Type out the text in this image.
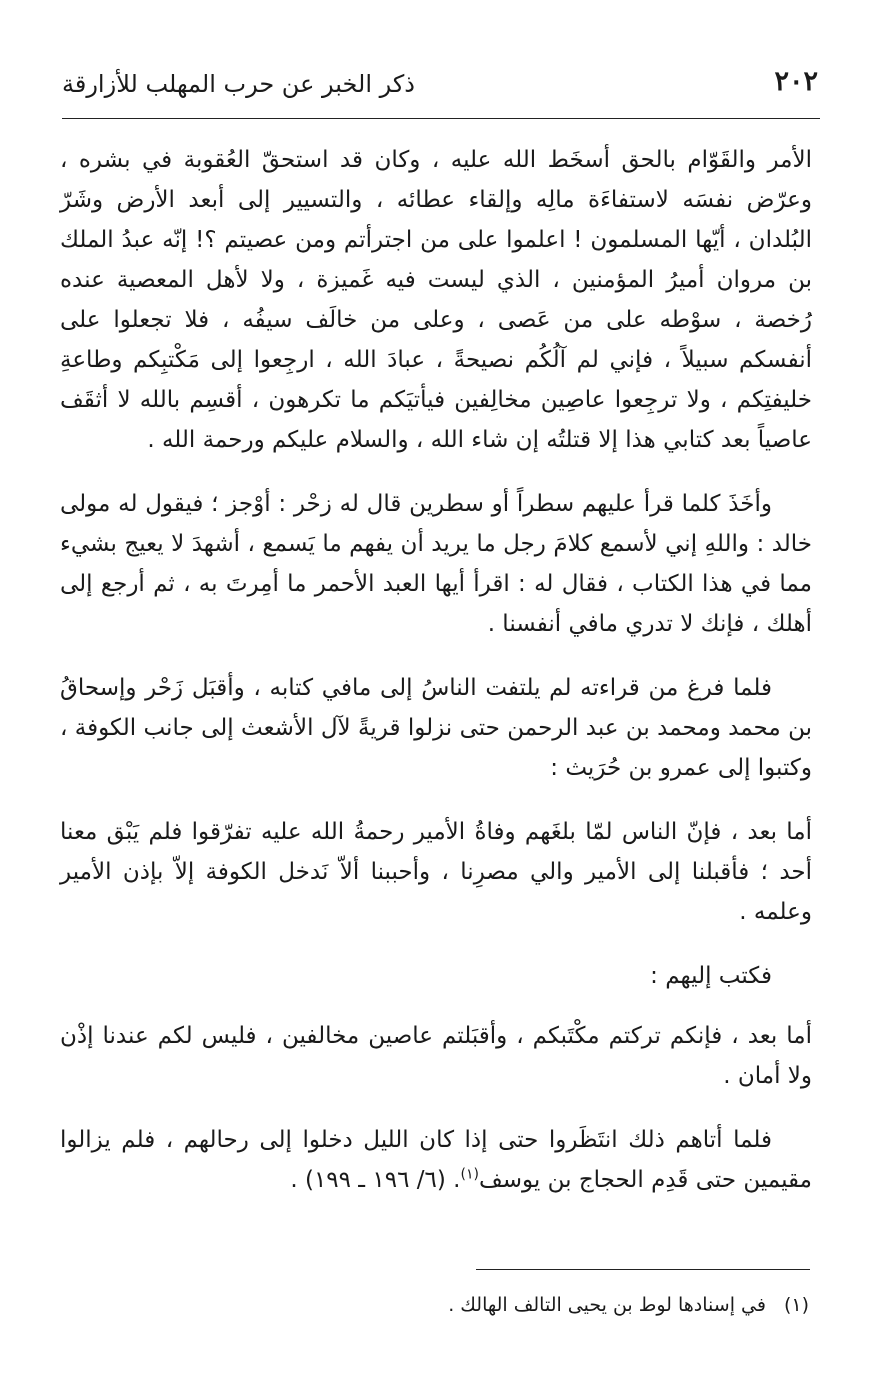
٢٠٢
ذكر الخبر عن حرب المهلب للأزارقة

الأمر والقَوّام بالحق أسخَط الله عليه ، وكان قد استحقّ العُقوبة في بشره ، وعرّض نفسَه لاستفاءَة مالِه وإلقاء عطائه ، والتسيير إلى أبعد الأرض وشَرّ البُلدان ، أيّها المسلمون ! اعلموا على من اجترأتم ومن عصيتم ؟! إنّه عبدُ الملك بن مروان أميرُ المؤمنين ، الذي ليست فيه غَميزة ، ولا لأهل المعصية عنده رُخصة ، سوْطه على من عَصى ، وعلى من خالَف سيفُه ، فلا تجعلوا على أنفسكم سبيلاً ، فإني لم آلُكُم نصيحةً ، عبادَ الله ، ارجِعوا إلى مَكْتبِكم وطاعةِ خليفتِكم ، ولا ترجِعوا عاصِين مخالِفين فيأتيَكم ما تكرهون ، أقسِم بالله لا أثقَف عاصياً بعد كتابي هذا إلا قتلتُه إن شاء الله ، والسلام عليكم ورحمة الله .

وأخَذَ كلما قرأ عليهم سطراً أو سطرين قال له زحْر : أوْجز ؛ فيقول له مولى خالد : واللهِ إني لأسمع كلامَ رجل ما يريد أن يفهم ما يَسمع ، أشهدَ لا يعيج بشيء مما في هذا الكتاب ، فقال له : اقرأ أيها العبد الأحمر ما أمِرتَ به ، ثم أرجع إلى أهلك ، فإنك لا تدري مافي أنفسنا .

فلما فرغ من قراءته لم يلتفت الناسُ إلى مافي كتابه ، وأقبَل زَحْر وإسحاقُ بن محمد ومحمد بن عبد الرحمن حتى نزلوا قريةً لآل الأشعث إلى جانب الكوفة ، وكتبوا إلى عمرو بن حُرَيث :

أما بعد ، فإنّ الناس لمّا بلغَهم وفاةُ الأمير رحمةُ الله عليه تفرّقوا فلم يَبْق معنا أحد ؛ فأقبلنا إلى الأمير والي مصرِنا ، وأحببنا ألاّ نَدخل الكوفة إلاّ بإذن الأمير وعلمه .

فكتب إليهم :

أما بعد ، فإنكم تركتم مكْتَبكم ، وأقبَلتم عاصين مخالفين ، فليس لكم عندنا إذْن ولا أمان .

فلما أتاهم ذلك انتَظَروا حتى إذا كان الليل دخلوا إلى رحالهم ، فلم يزالوا مقيمين حتى قَدِم الحجاج بن يوسف$^{(١)}$. (٦/ ١٩٦ ـ ١٩٩) .

(١)في إسنادها لوط بن يحيى التالف الهالك .
